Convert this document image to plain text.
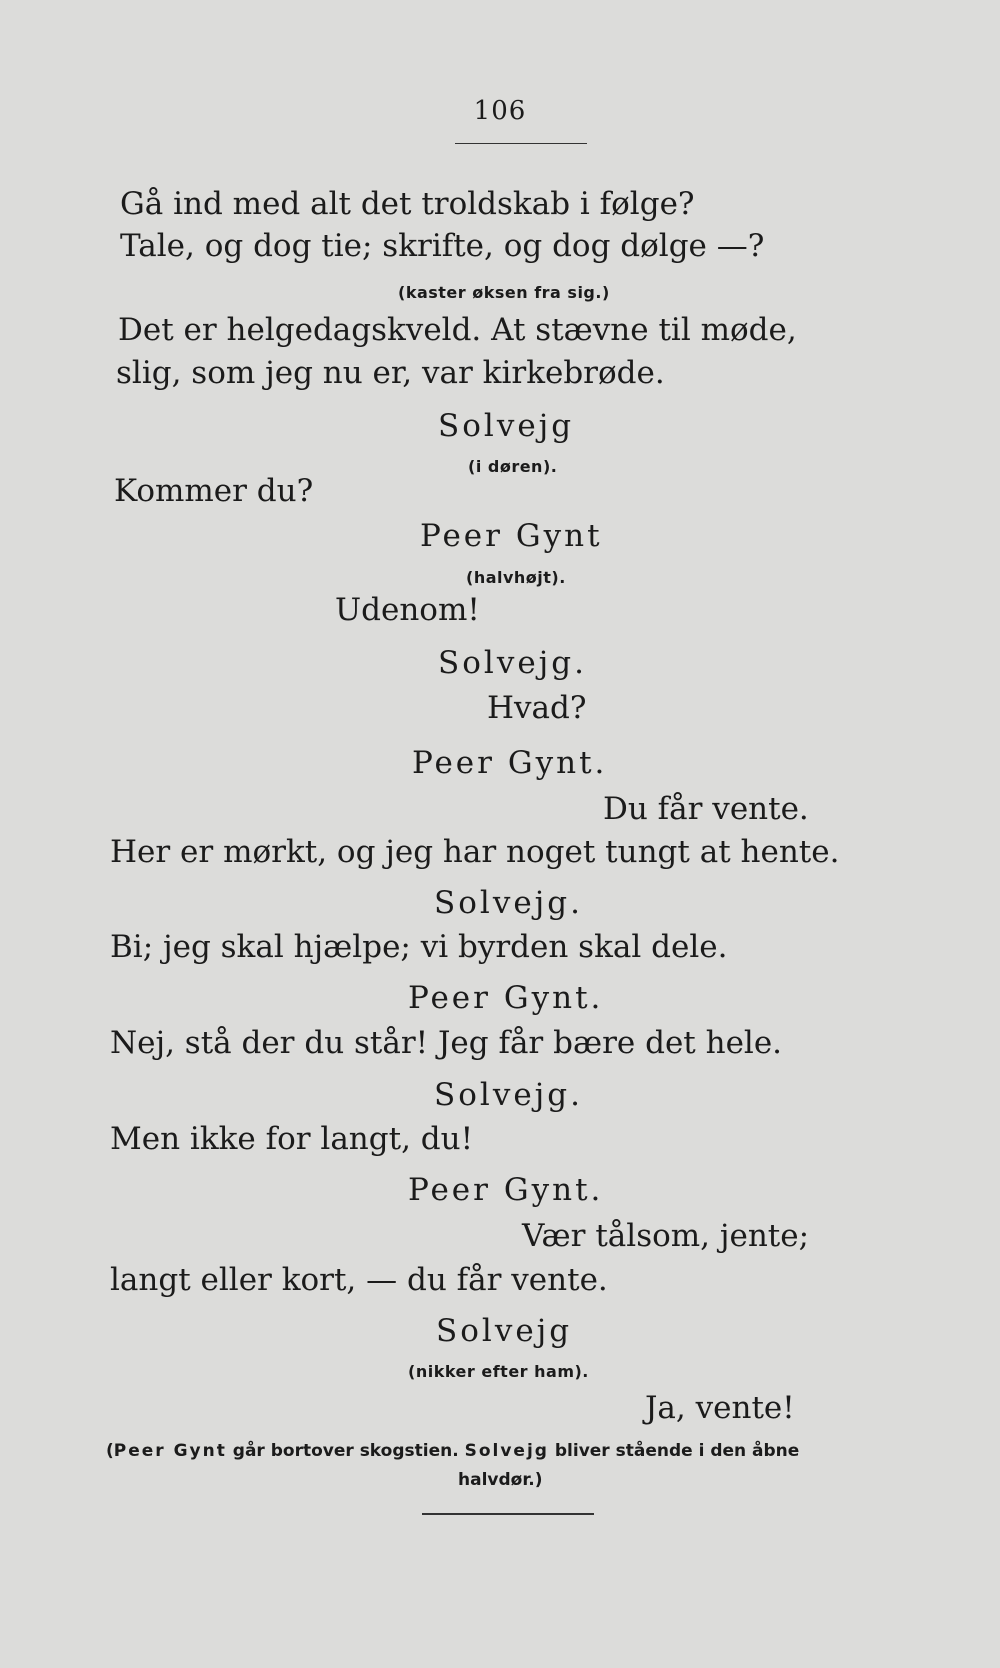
106
Gå ind med alt det troldskab i følge?
Tale, og dog tie; skrifte, og dog dølge —?
(kaster øksen fra sig.)
Det er helgedagskveld. At stævne til møde,
slig, som jeg nu er, var kirkebrøde.
Solvejg
(i døren).
Kommer du?
Peer Gynt
(halvhøjt).
Udenom!
Solvejg.
Hvad?
Peer Gynt.
Du får vente.
Her er mørkt, og jeg har noget tungt at hente.
Solvejg.
Bi; jeg skal hjælpe; vi byrden skal dele.
Peer Gynt.
Nej, stå der du står! Jeg får bære det hele.
Solvejg.
Men ikke for langt, du!
Peer Gynt.
Vær tålsom, jente;
langt eller kort, — du får vente.
Solvejg
(nikker efter ham).
Ja, vente!
(Peer Gynt går bortover skogstien. Solvejg bliver stående i den åbne
halvdør.)
